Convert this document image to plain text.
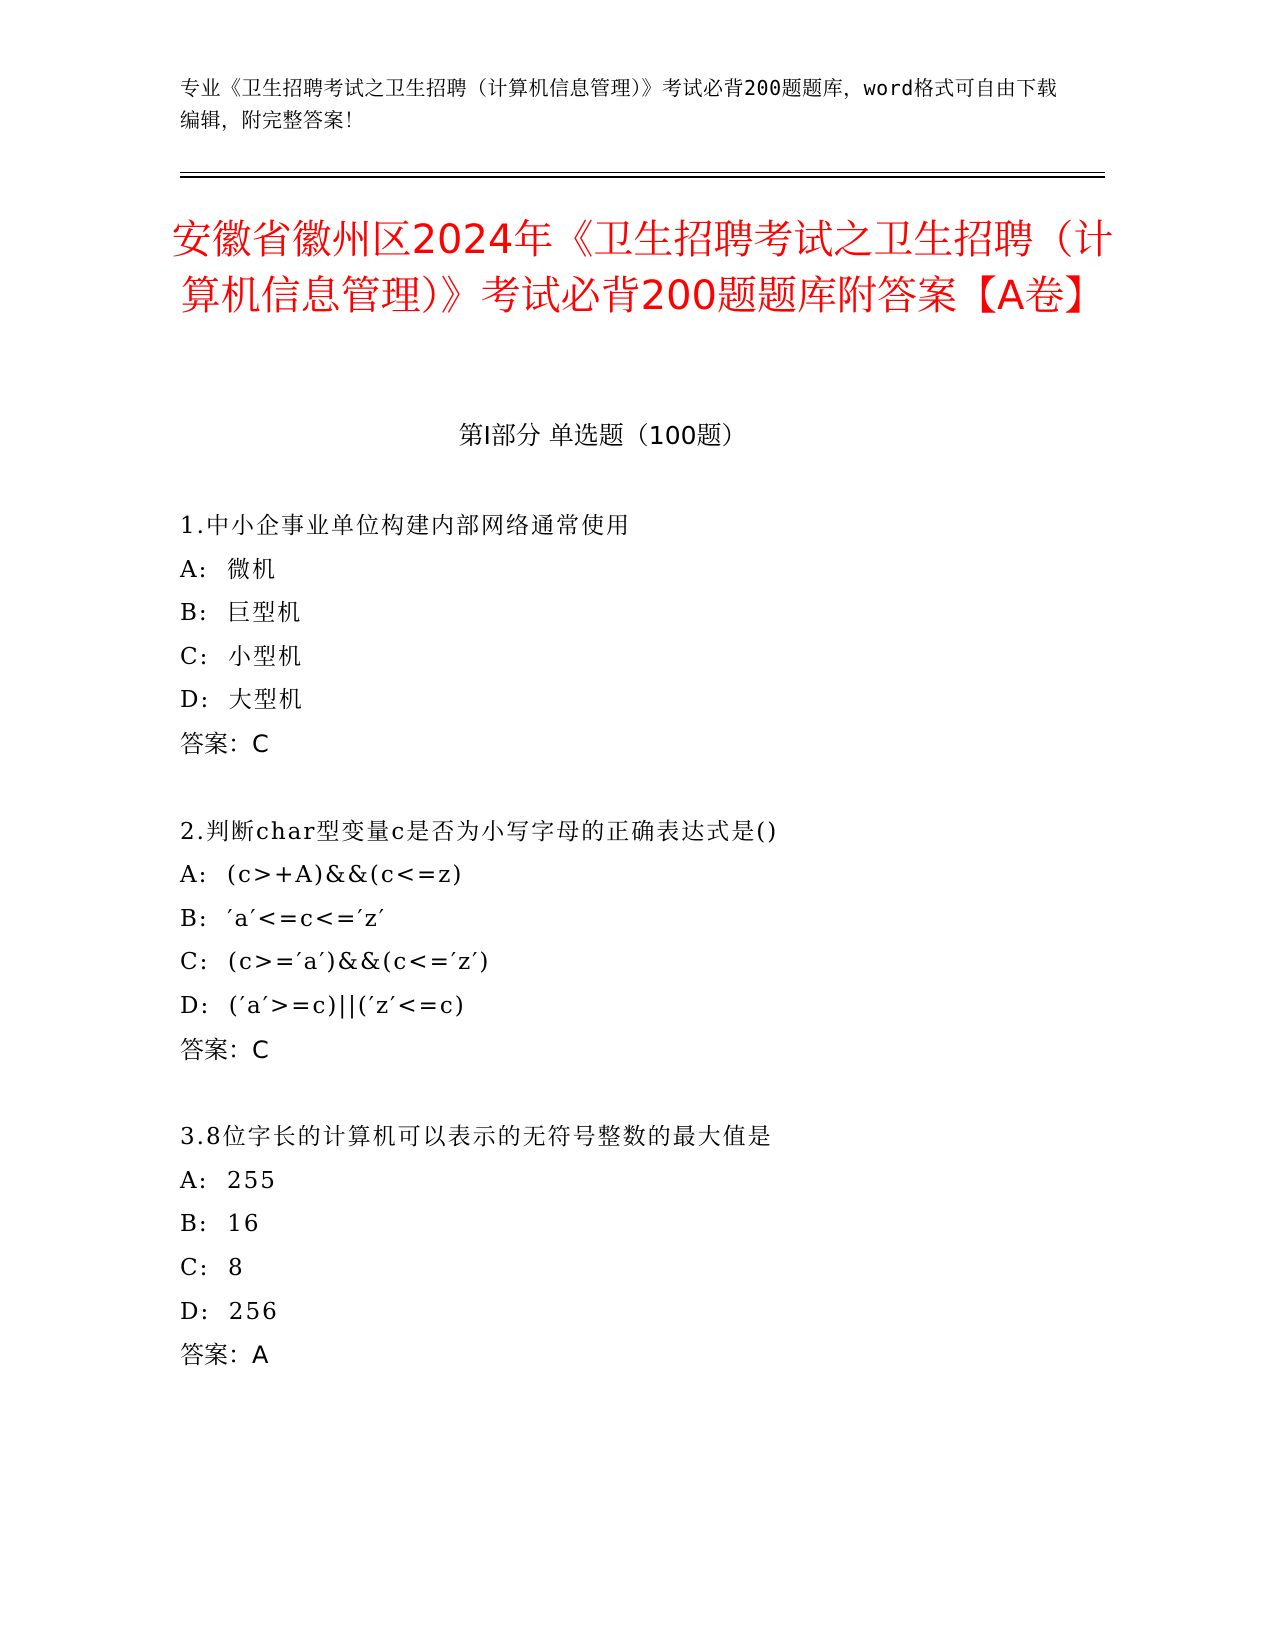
专业《卫生招聘考试之卫生招聘（计算机信息管理）》考试必背200题题库，word格式可自由下载编辑，附完整答案！
安徽省徽州区2024年《卫生招聘考试之卫生招聘（计算机信息管理）》考试必背200题题库附答案【A卷】
第Ⅰ部分 单选题（100题）
1.中小企事业单位构建内部网络通常使用
A:  微机
B:  巨型机
C:  小型机
D:  大型机
答案：C
2.判断char型变量c是否为小写字母的正确表达式是()
A:  (c>+A)&&(c<=z)
B:  ′a′<=c<=′z′
C:  (c>=′a′)&&(c<=′z′)
D:  (′a′>=c)||(′z′<=c)
答案：C
3.8位字长的计算机可以表示的无符号整数的最大值是
A:  255
B:  16
C:  8
D:  256
答案：A
